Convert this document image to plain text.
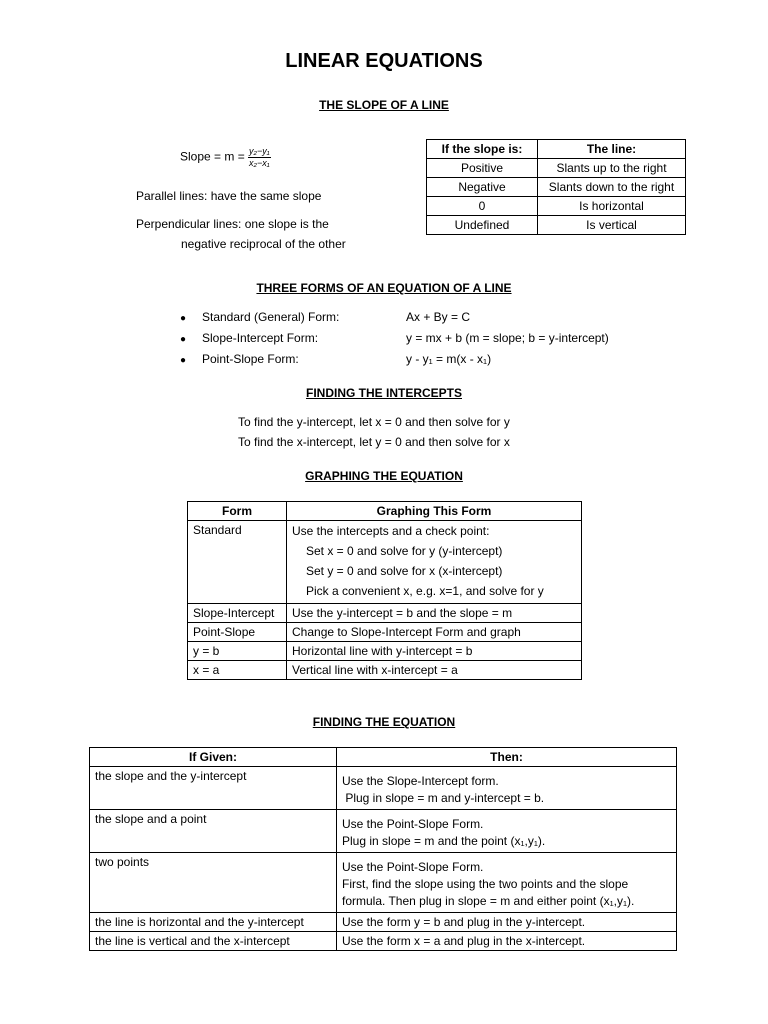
LINEAR EQUATIONS
THE SLOPE OF A LINE
Slope = $m = \frac{\text{y₂−y₁}}{\text{x₂−x₁}}$
Parallel lines: have the same slope
Perpendicular lines: one slope is the
negative reciprocal of the other
If the slope is:	The line:
Positive	Slants up to the right
Negative	Slants down to the right
0	Is horizontal
Undefined	Is vertical
THREE FORMS OF AN EQUATION OF A LINE
● Standard (General) Form:	Ax + By = C
● Slope-Intercept Form:	y = mx + b (m = slope; b = y-intercept)
● Point-Slope Form:	y - y₁ = m(x - x₁)
FINDING THE INTERCEPTS
To find the y-intercept, let x = 0 and then solve for y
To find the x-intercept, let y = 0 and then solve for x
GRAPHING THE EQUATION
Form	Graphing This Form
Standard	Use the intercepts and a check point:
Set x = 0 and solve for y (y-intercept)
Set y = 0 and solve for x (x-intercept)
Pick a convenient x, e.g. x=1, and solve for y

Slope-Intercept	Use the y-intercept = b and the slope = m
Point-Slope	Change to Slope-Intercept Form and graph
y = b	Horizontal line with y-intercept = b
x = a	Vertical line with x-intercept = a
FINDING THE EQUATION
If Given:	Then:
the slope and the y-intercept	Use the Slope-Intercept form.
Plug in slope = m and y-intercept = b.

the slope and a point	Use the Point-Slope Form.
Plug in slope = m and the point (x₁,y₁).

two points	Use the Point-Slope Form.
First, find the slope using the two points and the slope
formula. Then plug in slope = m and either point (x₁,y₁).

the line is horizontal and the y-intercept	Use the form y = b and plug in the y-intercept.
the line is vertical and the x-intercept	Use the form x = a and plug in the x-intercept.
